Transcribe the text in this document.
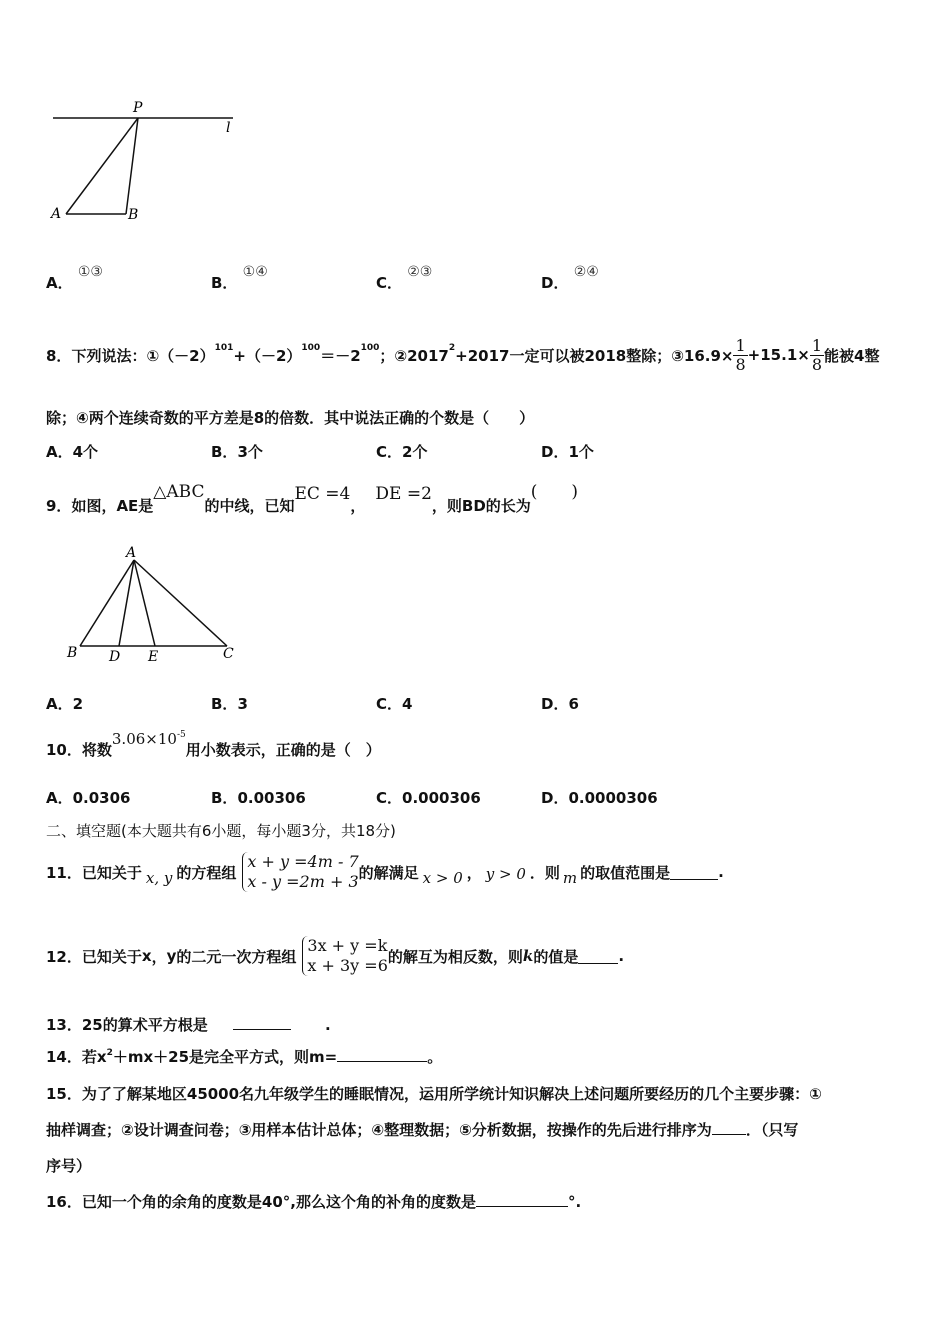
P
l
A	B
A． ①③
B． ①④
C． ②③
D． ②④
8． 下列说法：①（－2） 101 +（－2） 100 ＝－2 100 ；②2017 2 +2017一定可以被2018整除；③16.9× $\frac{1}{8} +15.1\times \frac{1}{8}$ 能被4整
除；④两个连续奇数的平方差是8的倍数．其中说法正确的个数是（　　）
A．4个	B．3个	C．2个	D．1个
9． 如图，AE是
△ABC
的中线，已知
EC =4
，
DE =2
，则BD的长为
(　　)
A
B D E	C
A．2	B．3	C．4	D．6
10． 将数
$3.06\times 10^{-5}$
用小数表示，正确的是（　）
A．0.0306	B．0.00306	C．0.000306	D．0.0000306
二、填空题(本大题共有6小题，每小题3分，共18分)
11． 已知关于 x, y 的方程组
x + y =4m - 7
x - y =2m + 3 的解满足 x > 0 ， y > 0 ．则 m 的取值范围是	.
12． 已知关于 x ， y 的二元一次方程组
3x + y =k
x + 3y =6 的解互为相反数，则 k 的值是	.
13．25的算术平方根是	.
14．若$x^2+mx+25$是完全平方式，则m=	。
15．为了了解某地区45000名九年级学生的睡眠情况，运用所学统计知识解决上述问题所要经历的几个主要步骤：①
抽样调查；②设计调查问卷；③用样本估计总体；④整理数据；⑤分析数据，按操作的先后进行排序为 ．（只写
序号）
16．已知一个角的余角的度数是40°,那么这个角的补角的度数是	°.
